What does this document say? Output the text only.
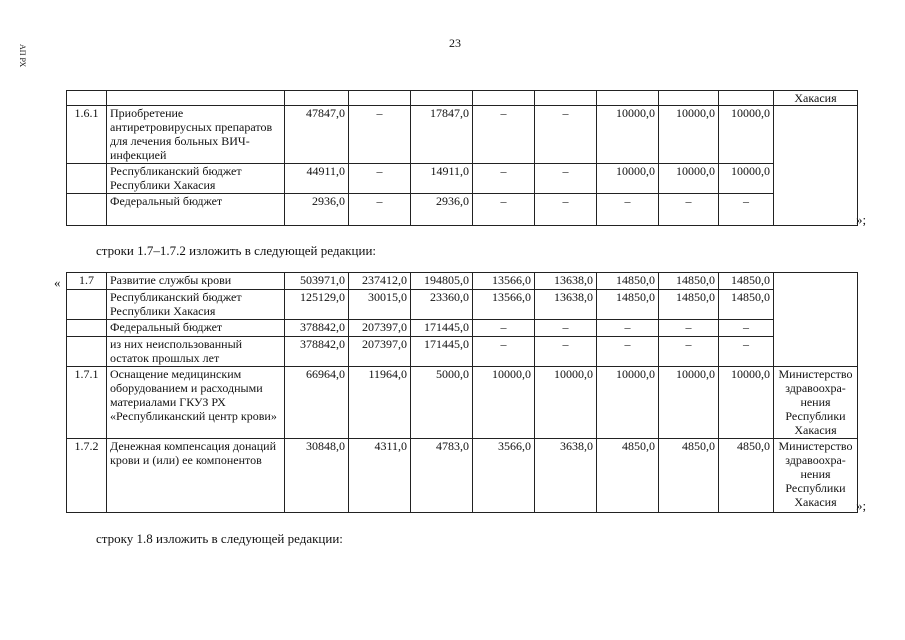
23
АП РХ
										Хакасия
1.6.1	Приобретение антиретровирусных препаратов для лечения больных ВИЧ-инфекцией	47847,0	–	17847,0	–	–	10000,0	10000,0	10000,0	
	Республиканский бюджет Республики Хакасия	44911,0	–	14911,0	–	–	10000,0	10000,0	10000,0	
	Федеральный бюджет	2936,0	–	2936,0	–	–	–	–	–	
»;
строки 1.7–1.7.2 изложить в следующей редакции:
« 1.7	Развитие службы крови	503971,0	237412,0	194805,0	13566,0	13638,0	14850,0	14850,0	14850,0	
	Республиканский бюджет Республики Хакасия	125129,0	30015,0	23360,0	13566,0	13638,0	14850,0	14850,0	14850,0	
	Федеральный бюджет	378842,0	207397,0	171445,0	–	–	–	–	–	
	из них неиспользованный остаток прошлых лет	378842,0	207397,0	171445,0	–	–	–	–	–	
1.7.1	Оснащение медицинским оборудованием и расходными материалами ГКУЗ РХ «Республиканский центр крови»	66964,0	11964,0	5000,0	10000,0	10000,0	10000,0	10000,0	10000,0	Министерство здравоохра-нения Республики Хакасия
1.7.2	Денежная компенсация донаций крови и (или) ее компонентов	30848,0	4311,0	4783,0	3566,0	3638,0	4850,0	4850,0	4850,0	Министерство здравоохра-нения Республики Хакасия »;
строку 1.8 изложить в следующей редакции:
